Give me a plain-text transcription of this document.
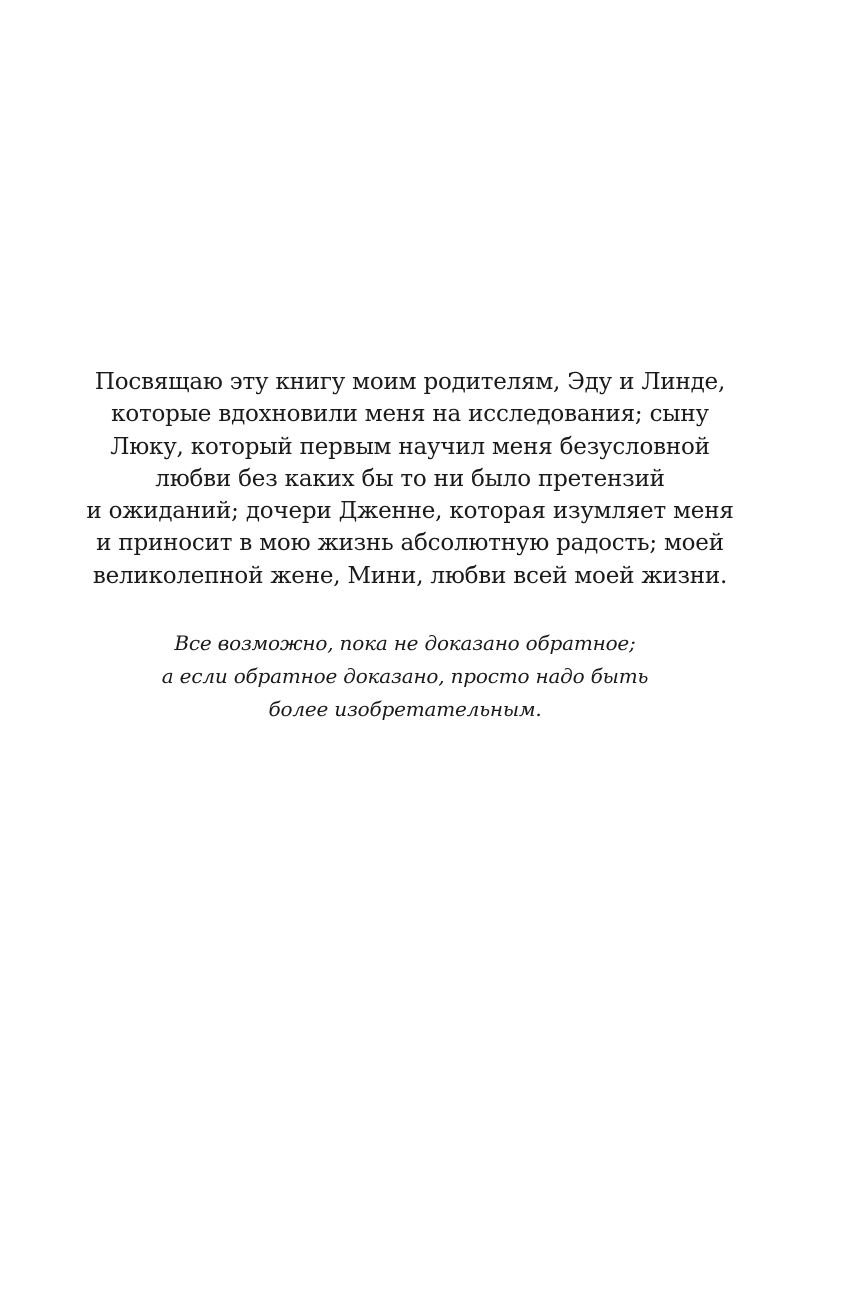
Посвящаю эту книгу моим родителям, Эду и Линде,
которые вдохновили меня на исследования; сыну
Люку, который первым научил меня безусловной
любви без каких бы то ни было претензий
и ожиданий; дочери Дженне, которая изумляет меня
и приносит в мою жизнь абсолютную радость; моей
великолепной жене, Мини, любви всей моей жизни.
Все возможно, пока не доказано обратное;
а если обратное доказано, просто надо быть
более изобретательным.
